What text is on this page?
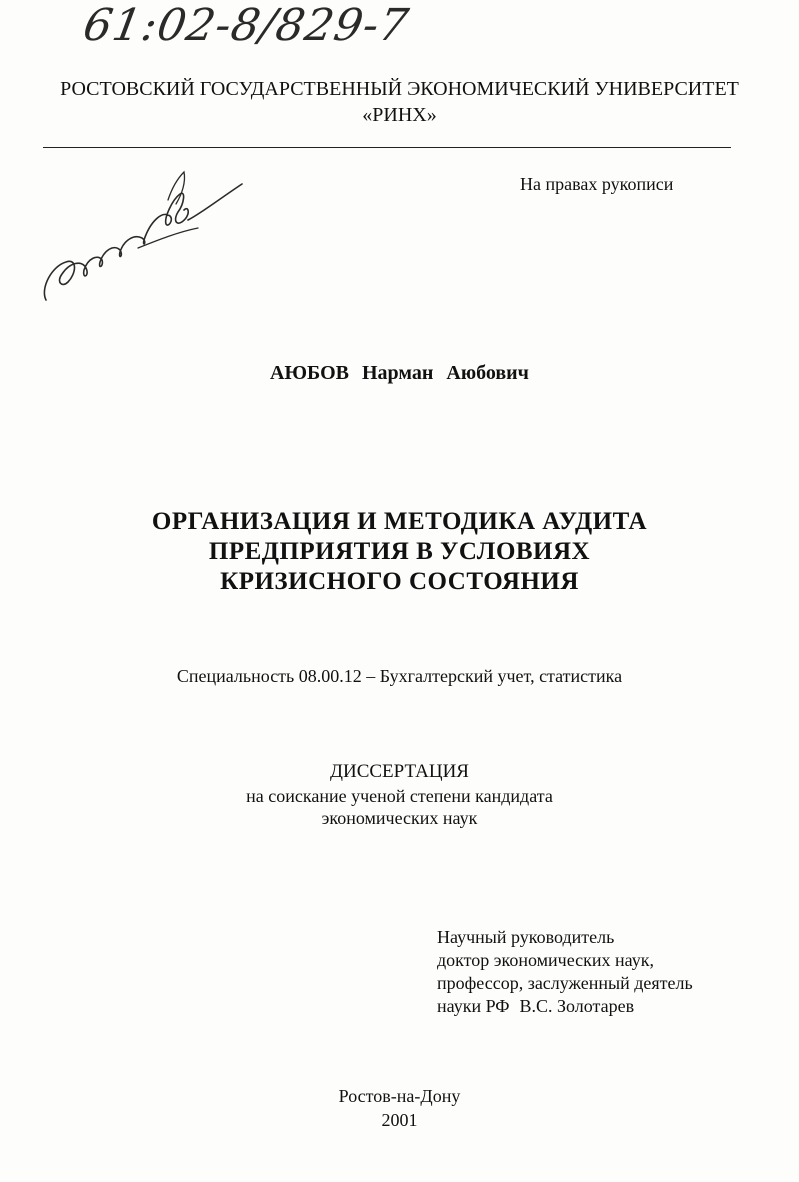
61:02-8/829-7
РОСТОВСКИЙ ГОСУДАРСТВЕННЫЙ ЭКОНОМИЧЕСКИЙ УНИВЕРСИТЕТ
«РИНХ»
На правах рукописи
АЮБОВ Нарман Аюбович
ОРГАНИЗАЦИЯ И МЕТОДИКА АУДИТА
ПРЕДПРИЯТИЯ В УСЛОВИЯХ
КРИЗИСНОГО СОСТОЯНИЯ
Специальность 08.00.12 – Бухгалтерский учет, статистика
ДИССЕРТАЦИЯ
на соискание ученой степени кандидата
экономических наук
Научный руководитель
доктор экономических наук,
профессор, заслуженный деятель
науки РФ В.С. Золотарев
Ростов-на-Дону
2001
